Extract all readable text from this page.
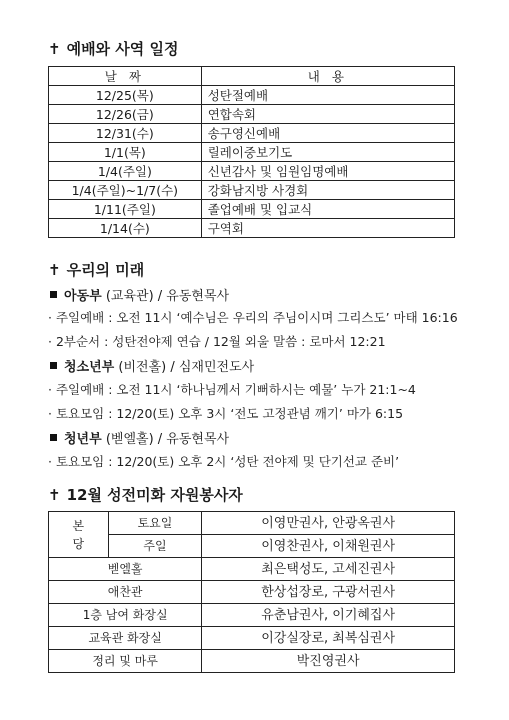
✝ 예배와 사역 일정
날 짜	내 용
12/25(목)	성탄절예배
12/26(금)	연합속회
12/31(수)	송구영신예배
1/1(목)	릴레이중보기도
1/4(주일)	신년감사 및 임원임명예배
1/4(주일)~1/7(수)	강화남지방 사경회
1/11(주일)	졸업예배 및 입교식
1/14(수)	구역회
✝ 우리의 미래
아동부 (교육관) / 유동현목사
· 주일예배 : 오전 11시 ‘예수님은 우리의 주님이시며 그리스도’ 마태 16:16
· 2부순서 : 성탄전야제 연습 / 12월 외울 말씀 : 로마서 12:21
청소년부 (비전홀) / 심재민전도사
· 주일예배 : 오전 11시 ‘하나님께서 기뻐하시는 예물’ 누가 21:1~4
· 토요모임 : 12/20(토) 오후 3시 ‘전도 고정관념 깨기’ 마가 6:15
청년부 (벧엘홀) / 유동현목사
· 토요모임 : 12/20(토) 오후 2시 ‘성탄 전야제 및 단기선교 준비’
✝ 12월 성전미화 자원봉사자
본
당	토요일	이영만권사, 안광옥권사
	주일	이영찬권사, 이채원권사
벧엘홀		최은택성도, 고세진권사
애찬관		한상섭장로, 구광서권사
1층 남여 화장실		유춘남권사, 이기혜집사
교육관 화장실		이강실장로, 최복심권사
정리 및 마루		박진영권사
